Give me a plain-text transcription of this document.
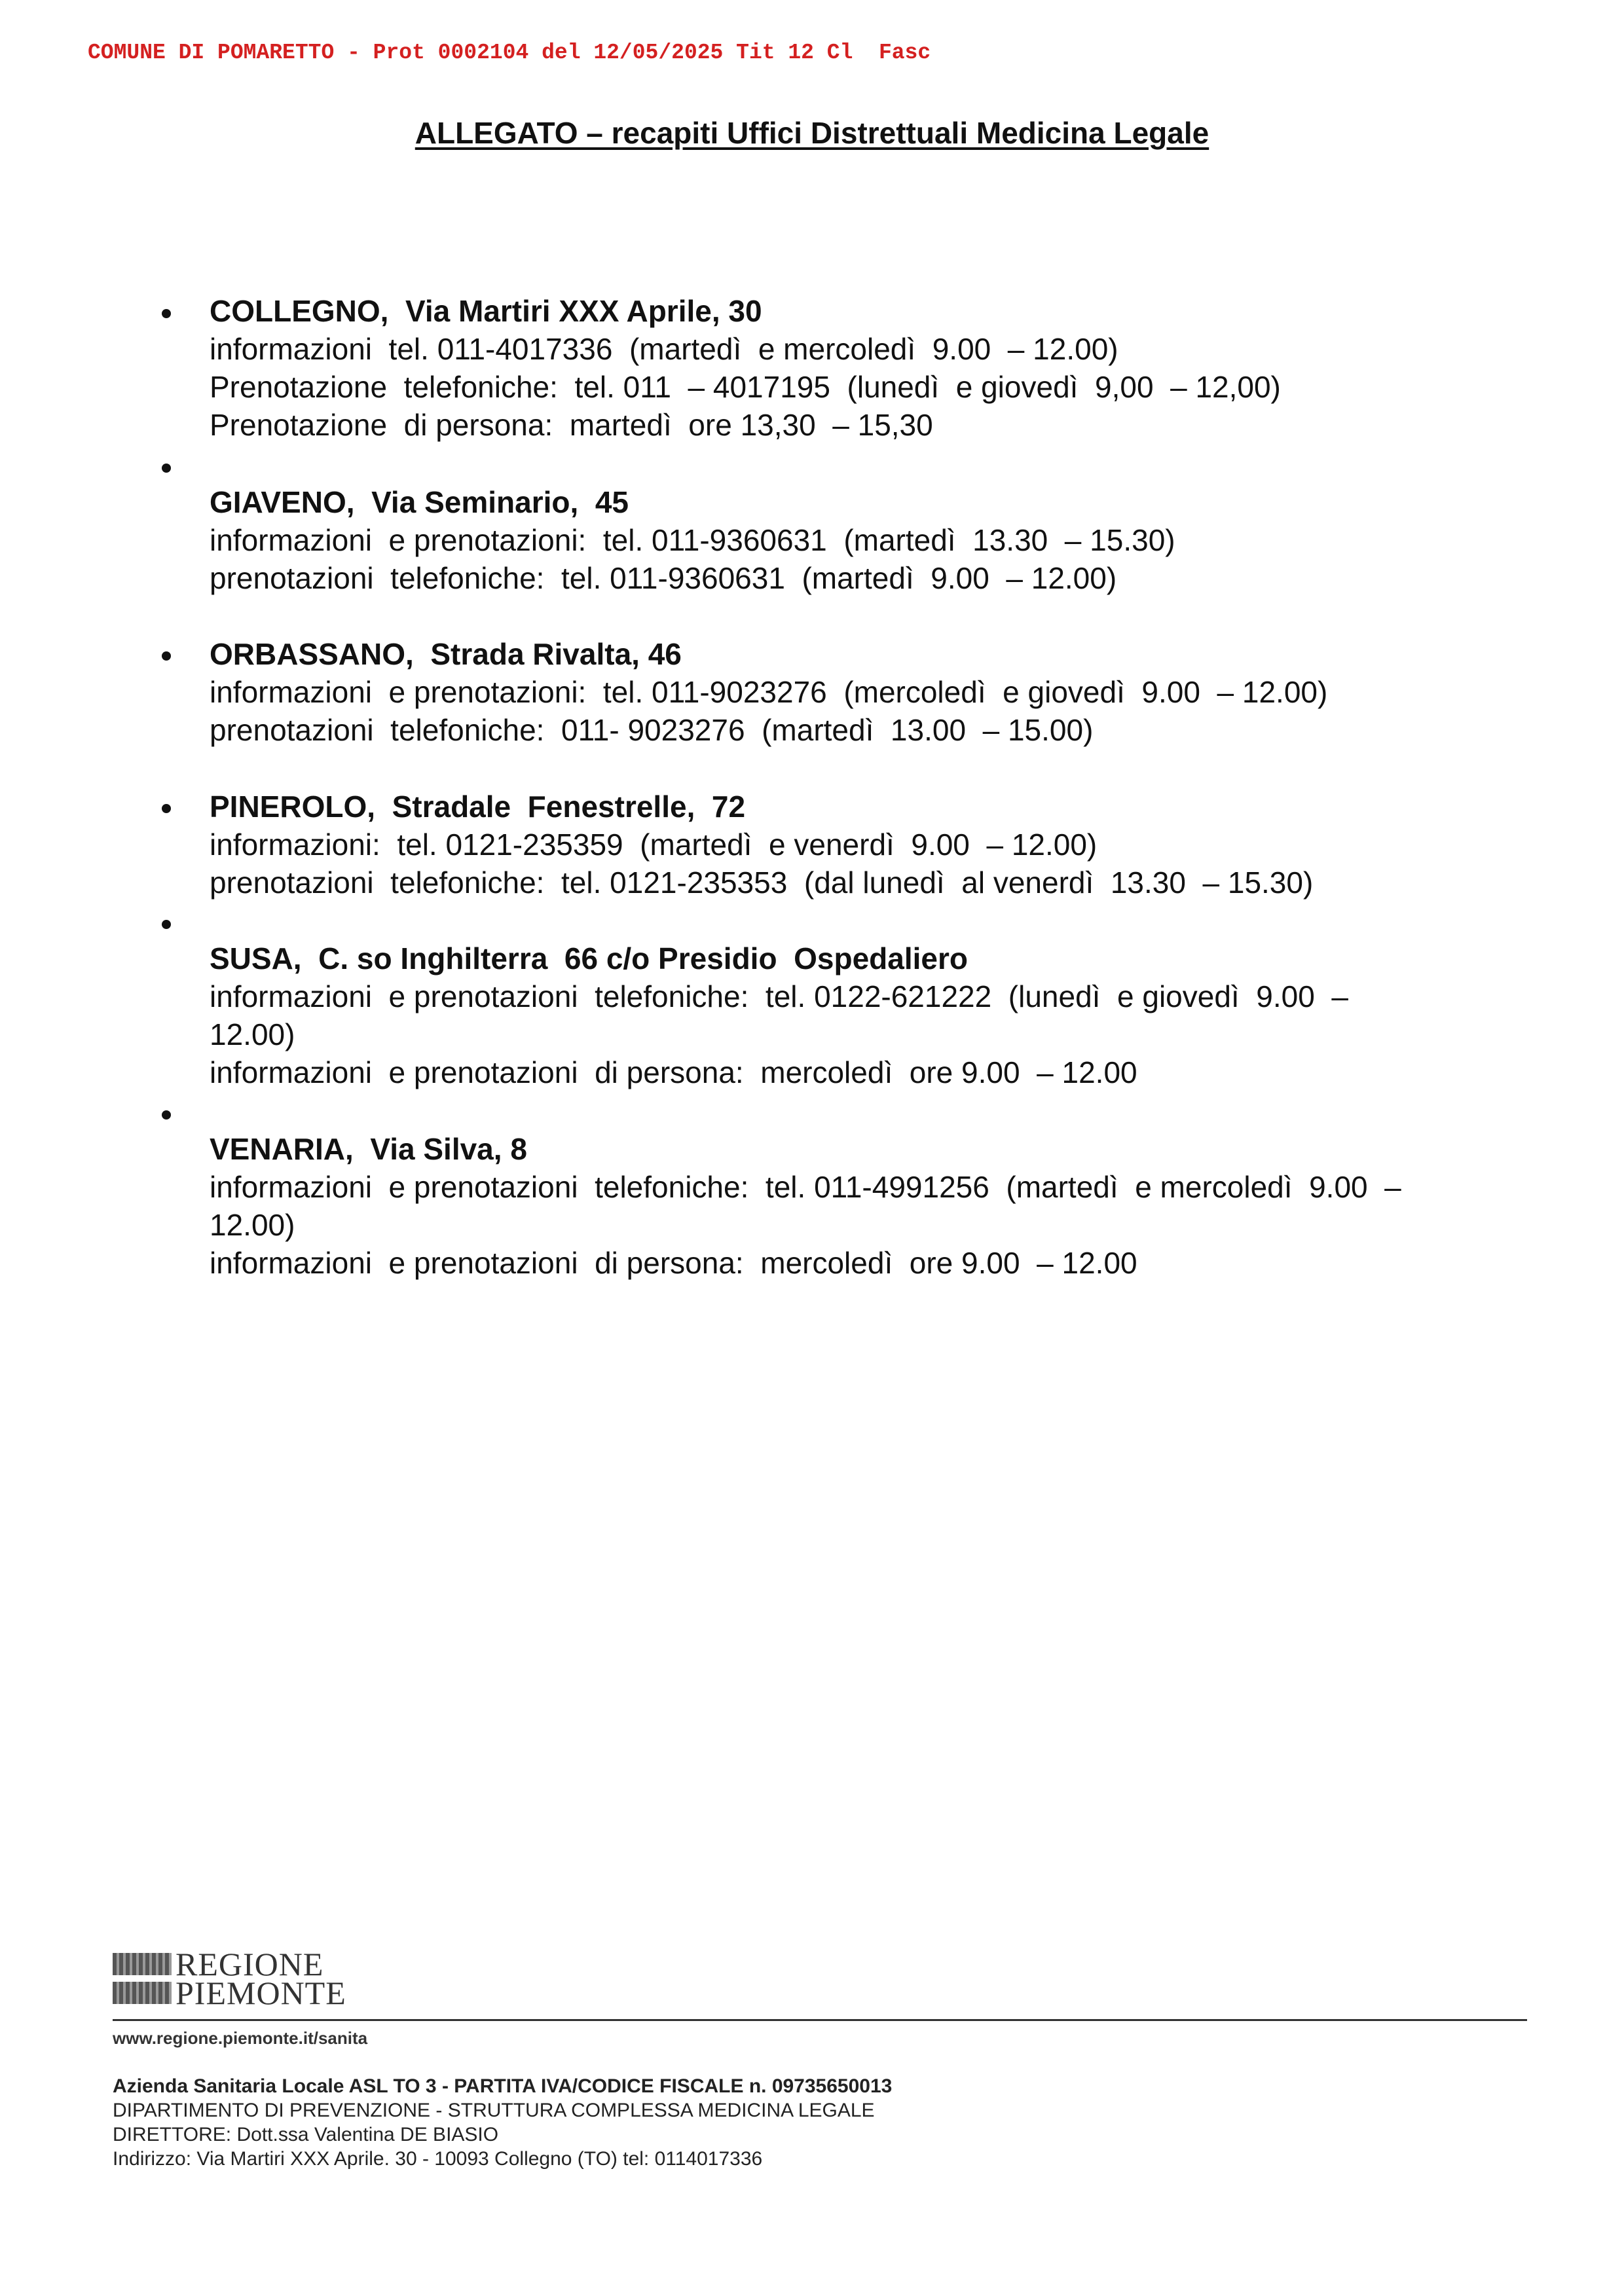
COMUNE DI POMARETTO - Prot 0002104 del 12/05/2025 Tit 12 Cl  Fasc
ALLEGATO – recapiti Uffici Distrettuali Medicina Legale
COLLEGNO,  Via Martiri XXX Aprile, 30
informazioni  tel. 011-4017336  (martedì  e mercoledì  9.00  – 12.00)
Prenotazione  telefoniche:  tel. 011  – 4017195  (lunedì  e giovedì  9,00  – 12,00)
Prenotazione  di persona:  martedì  ore 13,30  – 15,30
GIAVENO,  Via Seminario,  45
informazioni  e prenotazioni:  tel. 011-9360631  (martedì  13.30  – 15.30)
prenotazioni  telefoniche:  tel. 011-9360631  (martedì  9.00  – 12.00)
ORBASSANO,  Strada Rivalta, 46
informazioni  e prenotazioni:  tel. 011-9023276  (mercoledì  e giovedì  9.00  – 12.00)
prenotazioni  telefoniche:  011- 9023276  (martedì  13.00  – 15.00)
PINEROLO,  Stradale  Fenestrelle,  72
informazioni:  tel. 0121-235359  (martedì  e venerdì  9.00  – 12.00)
prenotazioni  telefoniche:  tel. 0121-235353  (dal lunedì  al venerdì  13.30  – 15.30)
SUSA,  C. so Inghilterra  66 c/o Presidio  Ospedaliero
informazioni  e prenotazioni  telefoniche:  tel. 0122-621222  (lunedì  e giovedì  9.00  –
12.00)
informazioni  e prenotazioni  di persona:  mercoledì  ore 9.00  – 12.00
VENARIA,  Via Silva, 8
informazioni  e prenotazioni  telefoniche:  tel. 011-4991256  (martedì  e mercoledì  9.00  –
12.00)
informazioni  e prenotazioni  di persona:  mercoledì  ore 9.00  – 12.00
REGIONE
PIEMONTE
www.regione.piemonte.it/sanita
Azienda Sanitaria Locale ASL TO 3 - PARTITA IVA/CODICE FISCALE n. 09735650013
DIPARTIMENTO DI PREVENZIONE - STRUTTURA COMPLESSA MEDICINA LEGALE
DIRETTORE: Dott.ssa Valentina DE BIASIO
Indirizzo: Via Martiri XXX Aprile. 30 - 10093 Collegno (TO) tel: 0114017336
